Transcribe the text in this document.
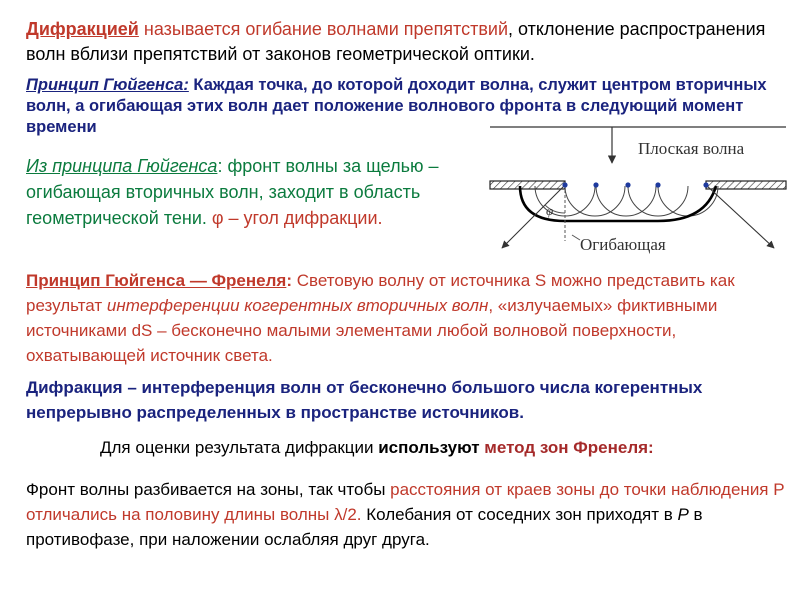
Дифракцией называется огибание волнами препятствий, отклонение распространения волн вблизи препятствий от законов геометрической оптики.

Принцип Гюйгенса: Каждая точка, до которой доходит волна, служит центром вторичных волн, а огибающая этих волн дает положение волнового фронта в следующий момент времени

Из принципа Гюйгенса: фронт волны за щелью – огибающая вторичных волн, заходит в область геометрической тени. φ – угол дифракции.

Принцип Гюйгенса — Френеля: Световую волну от источника S можно представить как результат интерференции когерентных вторичных волн, «излучаемых» фиктивными источниками dS – бесконечно малыми элементами любой волновой поверхности, охватывающей источник света.

Дифракция – интерференция волн от бесконечно большого числа когерентных непрерывно распределенных в пространстве источников.

Для оценки результата дифракции используют метод зон Френеля:

Фронт волны разбивается на зоны, так чтобы расстояния от краев зоны до точки наблюдения Р отличались на половину длины волны λ/2. Колебания от соседних зон приходят в Р в противофазе, при наложении ослабляя друг друга.

Плоская волна
φ
Огибающая
